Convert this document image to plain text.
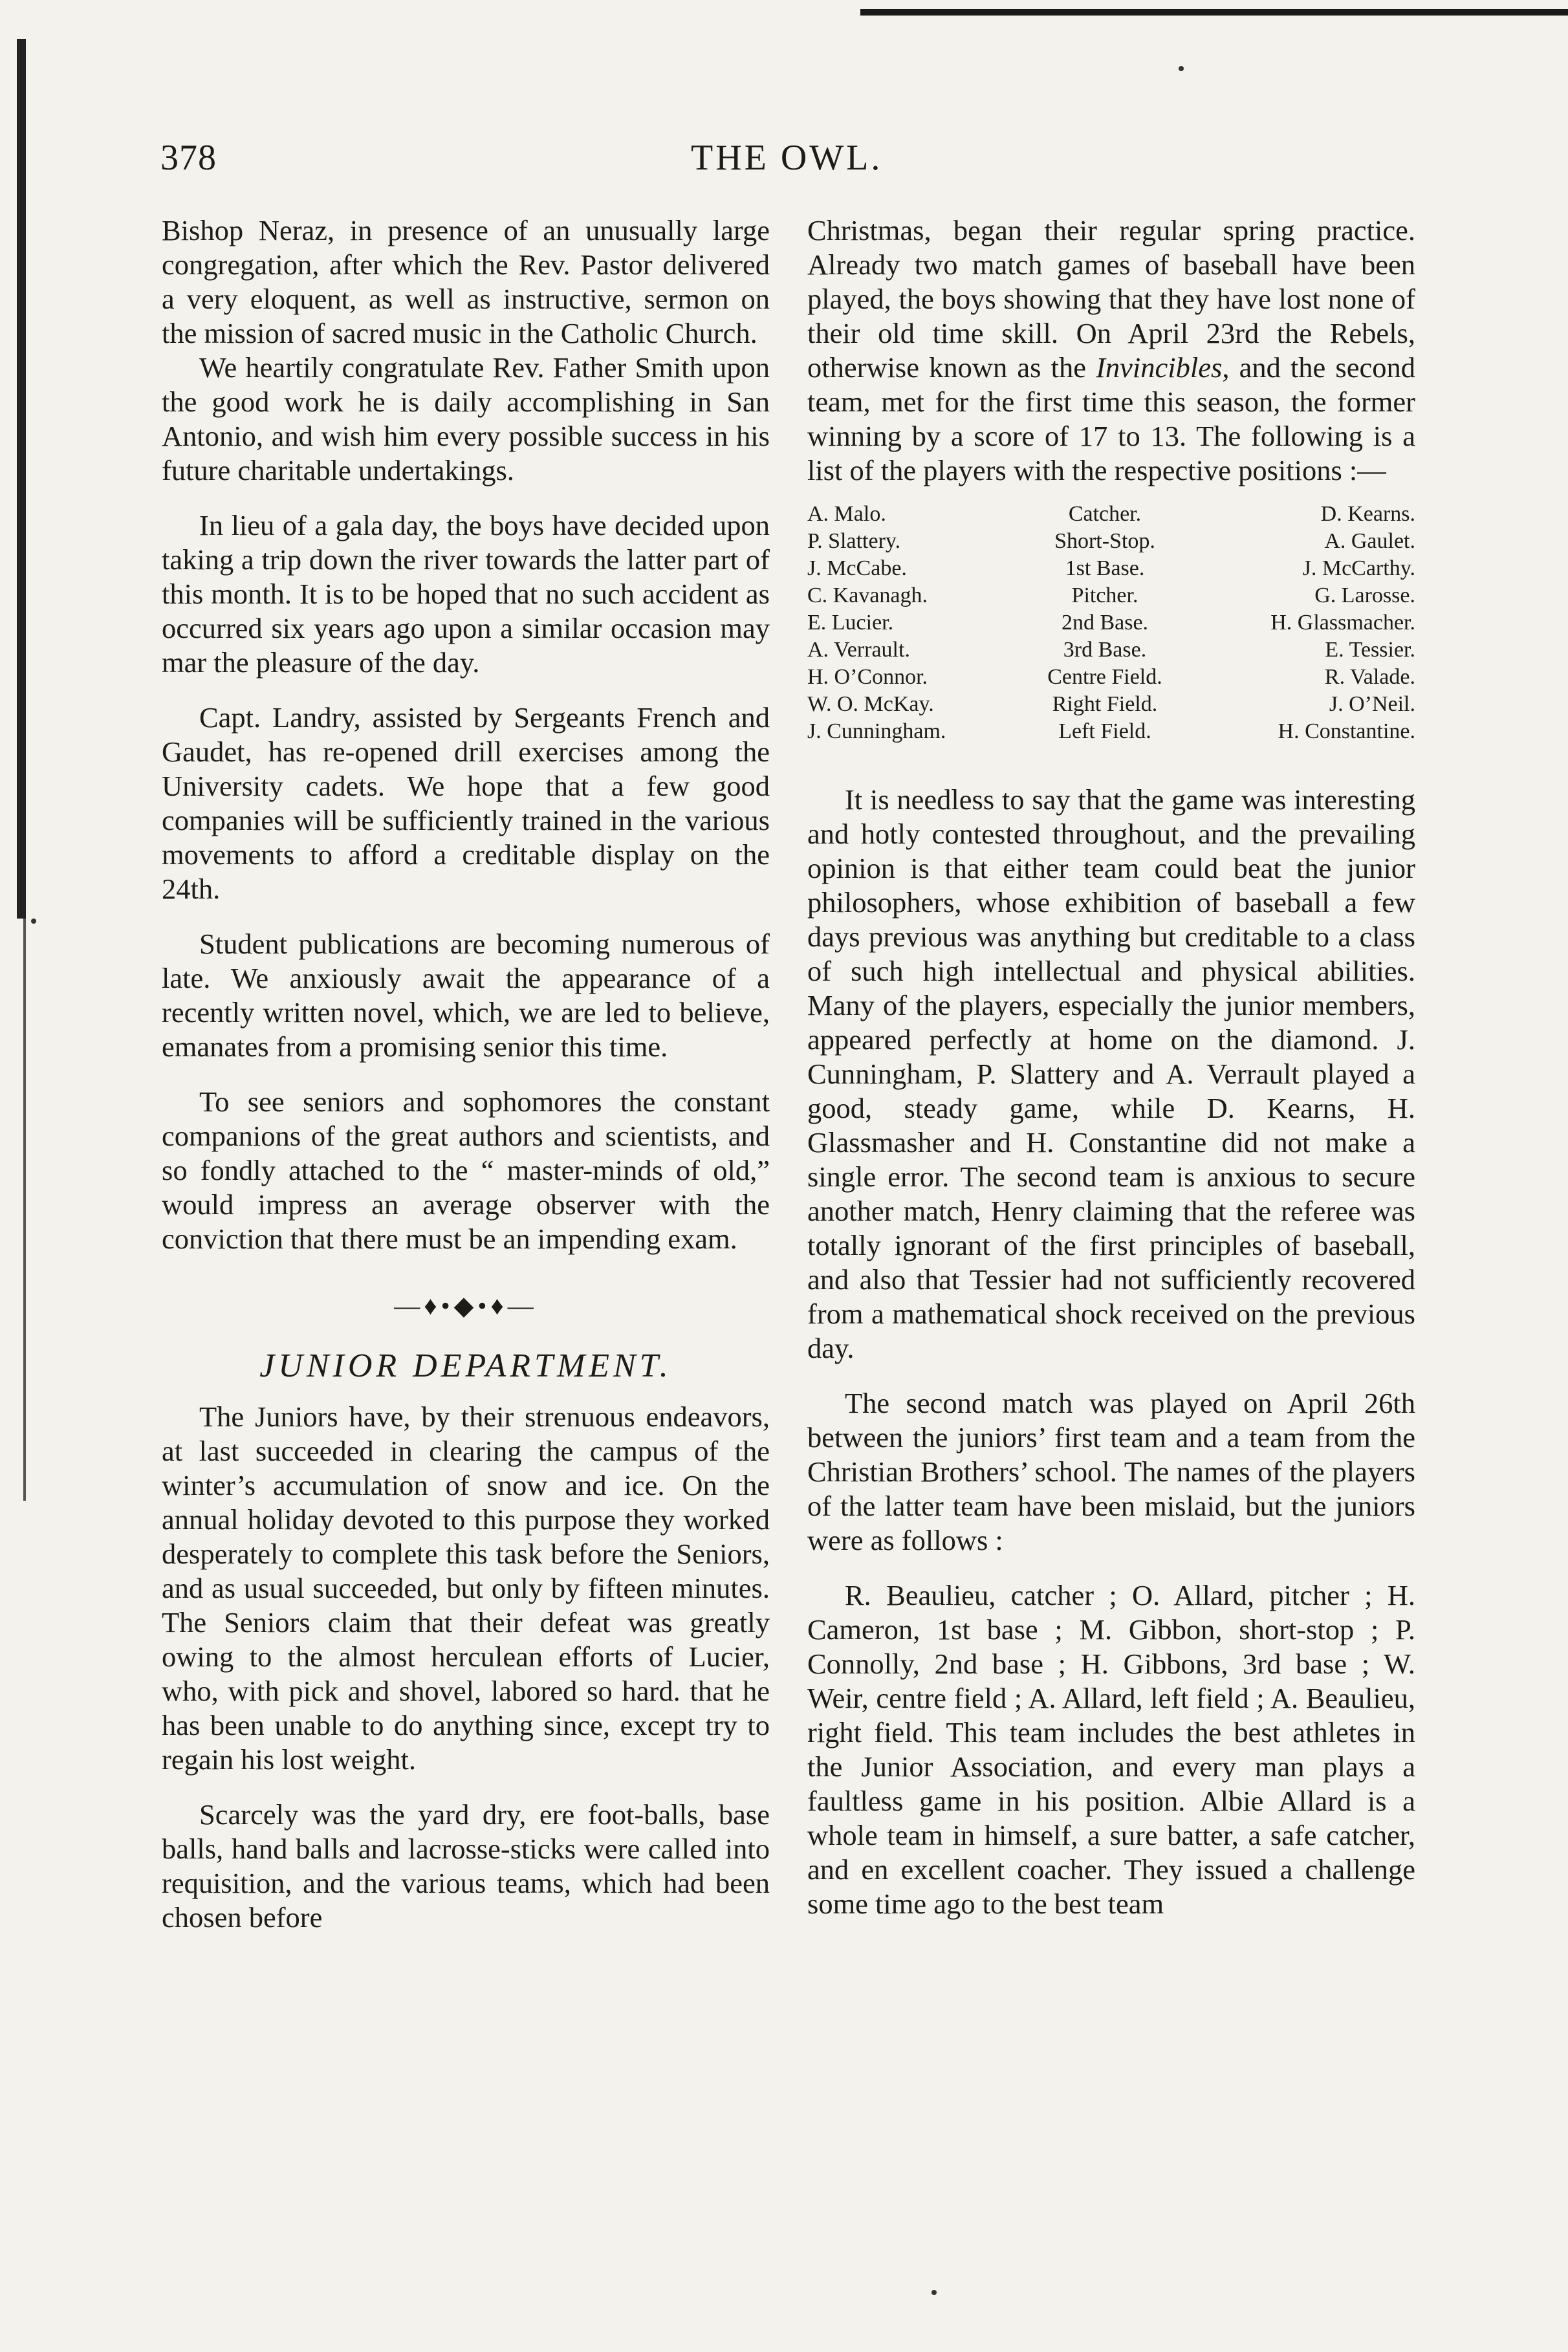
378	THE OWL.

Bishop Neraz, in presence of an unusually large congregation, after which the Rev. Pastor delivered a very eloquent, as well as instructive, sermon on the mission of sacred music in the Catholic Church.

We heartily congratulate Rev. Father Smith upon the good work he is daily accomplishing in San Antonio, and wish him every possible success in his future charitable undertakings.

In lieu of a gala day, the boys have decided upon taking a trip down the river towards the latter part of this month. It is to be hoped that no such accident as occurred six years ago upon a similar occasion may mar the pleasure of the day.

Capt. Landry, assisted by Sergeants French and Gaudet, has re-opened drill exercises among the University cadets. We hope that a few good companies will be sufficiently trained in the various movements to afford a creditable display on the 24th.

Student publications are becoming numerous of late. We anxiously await the appearance of a recently written novel, which, we are led to believe, emanates from a promising senior this time.

To see seniors and sophomores the constant companions of the great authors and scientists, and so fondly attached to the “ master-minds of old,” would impress an average observer with the conviction that there must be an impending exam.

—♦•◆•♦—
JUNIOR DEPARTMENT.

The Juniors have, by their strenuous endeavors, at last succeeded in clearing the campus of the winter’s accumulation of snow and ice. On the annual holiday devoted to this purpose they worked desperately to complete this task before the Seniors, and as usual succeeded, but only by fifteen minutes. The Seniors claim that their defeat was greatly owing to the almost herculean efforts of Lucier, who, with pick and shovel, labored so hard. that he has been unable to do anything since, except try to regain his lost weight.

Scarcely was the yard dry, ere foot-balls, base balls, hand balls and lacrosse-sticks were called into requisition, and the various teams, which had been chosen before

Christmas, began their regular spring practice. Already two match games of baseball have been played, the boys showing that they have lost none of their old time skill. On April 23rd the Rebels, otherwise known as the Invincibles, and the second team, met for the first time this season, the former winning by a score of 17 to 13. The following is a list of the players with the respective positions :—

A. Malo.	Catcher.	D. Kearns.
P. Slattery.	Short-Stop.	A. Gaulet.
J. McCabe.	1st Base.	J. McCarthy.
C. Kavanagh.	Pitcher.	G. Larosse.
E. Lucier.	2nd Base.	H. Glassmacher.
A. Verrault.	3rd Base.	E. Tessier.
H. O’Connor.	Centre Field.	R. Valade.
W. O. McKay.	Right Field.	J. O’Neil.
J. Cunningham.	Left Field.	H. Constantine.

It is needless to say that the game was interesting and hotly contested throughout, and the prevailing opinion is that either team could beat the junior philosophers, whose exhibition of baseball a few days previous was anything but creditable to a class of such high intellectual and physical abilities. Many of the players, especially the junior members, appeared perfectly at home on the diamond. J. Cunningham, P. Slattery and A. Verrault played a good, steady game, while D. Kearns, H. Glassmasher and H. Constantine did not make a single error. The second team is anxious to secure another match, Henry claiming that the referee was totally ignorant of the first principles of baseball, and also that Tessier had not sufficiently recovered from a mathematical shock received on the previous day.

The second match was played on April 26th between the juniors’ first team and a team from the Christian Brothers’ school. The names of the players of the latter team have been mislaid, but the juniors were as follows :

R. Beaulieu, catcher ; O. Allard, pitcher ; H. Cameron, 1st base ; M. Gibbon, short-stop ; P. Connolly, 2nd base ; H. Gibbons, 3rd base ; W. Weir, centre field ; A. Allard, left field ; A. Beaulieu, right field. This team includes the best athletes in the Junior Association, and every man plays a faultless game in his position. Albie Allard is a whole team in himself, a sure batter, a safe catcher, and en excellent coacher. They issued a challenge some time ago to the best team
